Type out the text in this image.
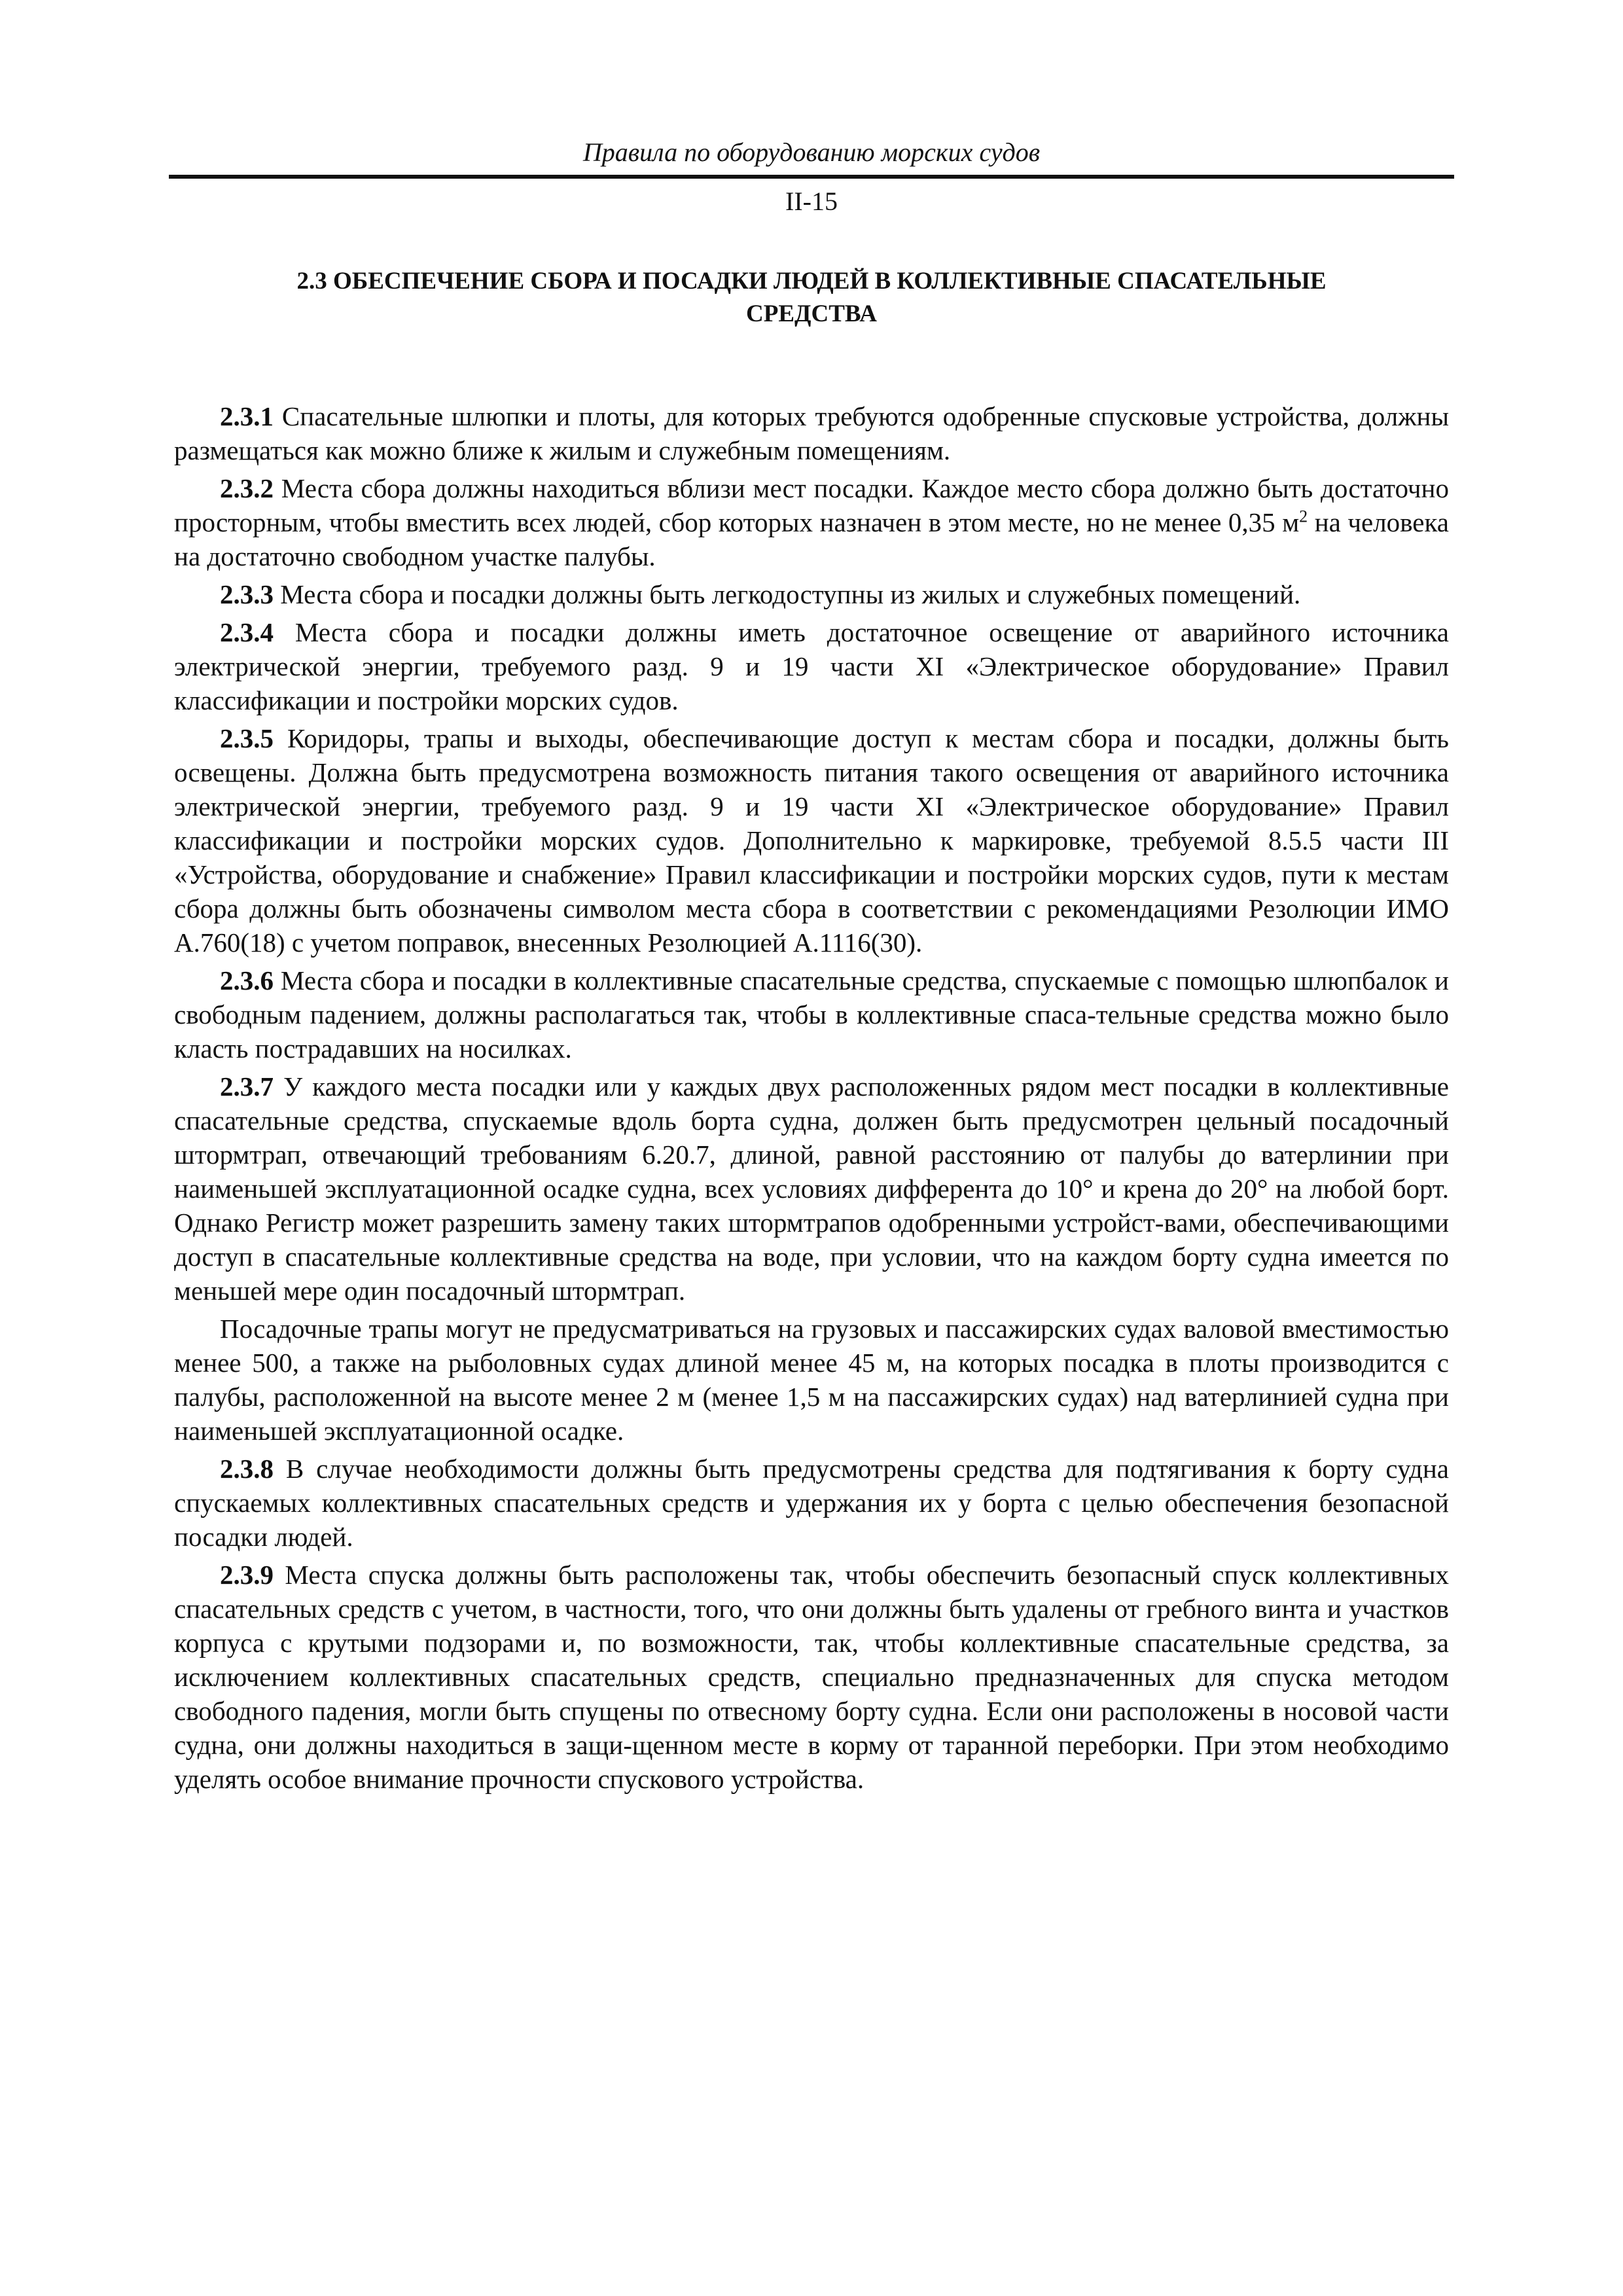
Правила по оборудованию морских судов
II-15
2.3 ОБЕСПЕЧЕНИЕ СБОРА И ПОСАДКИ ЛЮДЕЙ В КОЛЛЕКТИВНЫЕ СПАСАТЕЛЬНЫЕ
СРЕДСТВА

2.3.1 Спасательные шлюпки и плоты, для которых требуются одобренные спусковые устройства, должны размещаться как можно ближе к жилым и служебным помещениям.

2.3.2 Места сбора должны находиться вблизи мест посадки. Каждое место сбора должно быть достаточно просторным, чтобы вместить всех людей, сбор которых назначен в этом месте, но не менее 0,35 $м^2$ на человека на достаточно свободном участке палубы.

2.3.3 Места сбора и посадки должны быть легкодоступны из жилых и служебных помещений.

2.3.4 Места сбора и посадки должны иметь достаточное освещение от аварийного источника электрической энергии, требуемого разд. 9 и 19 части XI «Электрическое оборудование» Правил классификации и постройки морских судов.

2.3.5 Коридоры, трапы и выходы, обеспечивающие доступ к местам сбора и посадки, должны быть освещены. Должна быть предусмотрена возможность питания такого освещения от аварийного источника электрической энергии, требуемого разд. 9 и 19 части XI «Электрическое оборудование» Правил классификации и постройки морских судов. Дополнительно к маркировке, требуемой 8.5.5 части III «Устройства, оборудование и снабжение» Правил классификации и постройки морских судов, пути к местам сбора должны быть обозначены символом места сбора в соответствии с рекомендациями Резолюции ИМО А.760(18) с учетом поправок, внесенных Резолюцией А.1116(30).

2.3.6 Места сбора и посадки в коллективные спасательные средства, спускаемые с помощью шлюпбалок и свободным падением, должны располагаться так, чтобы в коллективные спаса-тельные средства можно было класть пострадавших на носилках.

2.3.7 У каждого места посадки или у каждых двух расположенных рядом мест посадки в коллективные спасательные средства, спускаемые вдоль борта судна, должен быть предусмотрен цельный посадочный штормтрап, отвечающий требованиям 6.20.7, длиной, равной расстоянию от палубы до ватерлинии при наименьшей эксплуатационной осадке судна, всех условиях дифферента до 10° и крена до 20° на любой борт. Однако Регистр может разрешить замену таких штормтрапов одобренными устройст-вами, обеспечивающими доступ в спасательные коллективные средства на воде, при условии, что на каждом борту судна имеется по меньшей мере один посадочный штормтрап.

Посадочные трапы могут не предусматриваться на грузовых и пассажирских судах валовой вместимостью менее 500, а также на рыболовных судах длиной менее 45 м, на которых посадка в плоты производится с палубы, расположенной на высоте менее 2 м (менее 1,5 м на пассажирских судах) над ватерлинией судна при наименьшей эксплуатационной осадке.

2.3.8 В случае необходимости должны быть предусмотрены средства для подтягивания к борту судна спускаемых коллективных спасательных средств и удержания их у борта с целью обеспечения безопасной посадки людей.

2.3.9 Места спуска должны быть расположены так, чтобы обеспечить безопасный спуск коллективных спасательных средств с учетом, в частности, того, что они должны быть удалены от гребного винта и участков корпуса с крутыми подзорами и, по возможности, так, чтобы коллективные спасательные средства, за исключением коллективных спасательных средств, специально предназначенных для спуска методом свободного падения, могли быть спущены по отвесному борту судна. Если они расположены в носовой части судна, они должны находиться в защи-щенном месте в корму от таранной переборки. При этом необходимо уделять особое внимание прочности спускового устройства.
